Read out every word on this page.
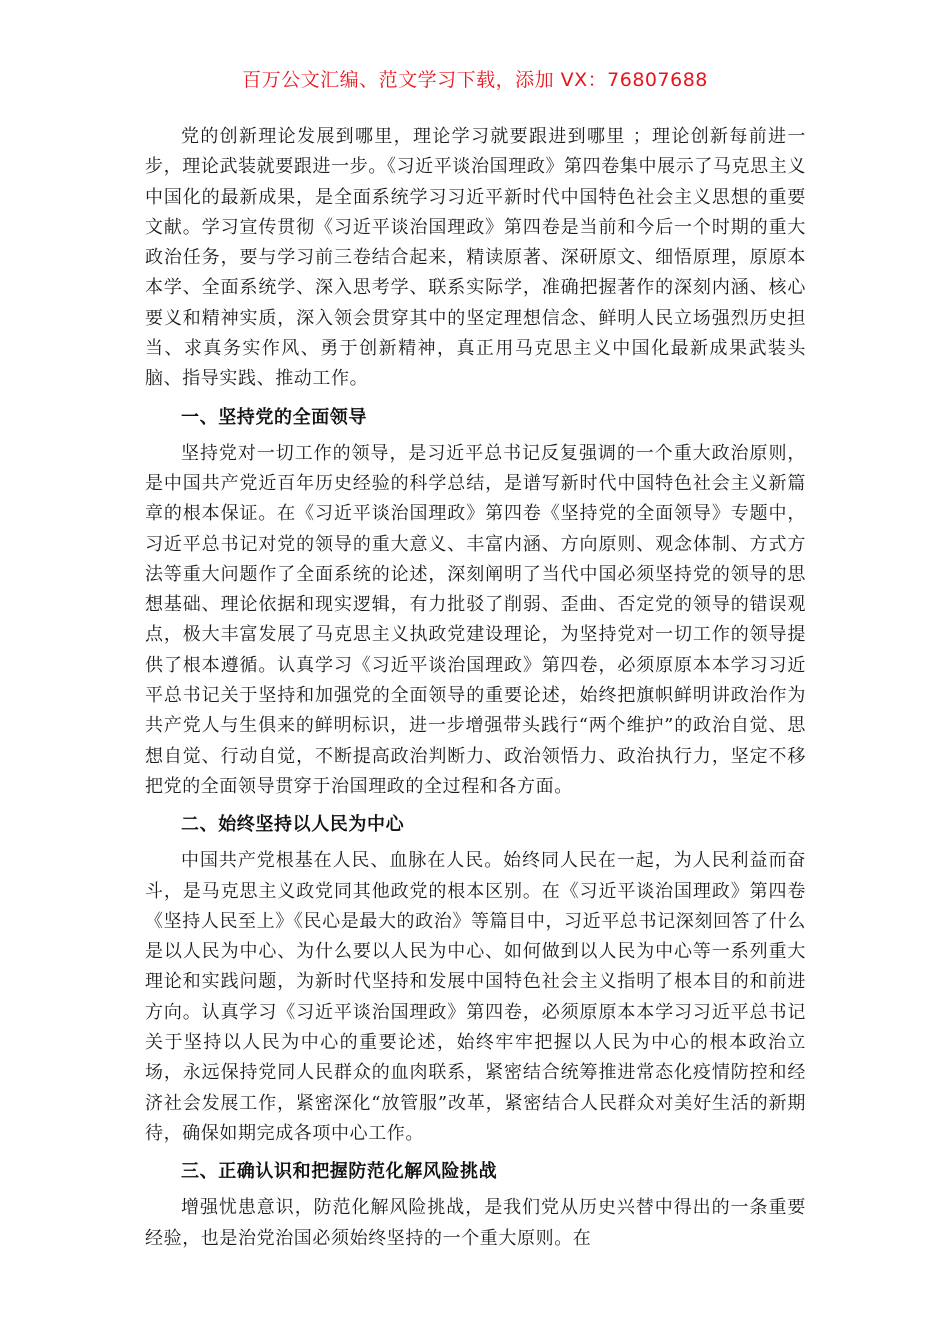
百万公文汇编、范文学习下载，添加 VX：76807688

党的创新理论发展到哪里，理论学习就要跟进到哪里 ；理论创新每前进一步，理论武装就要跟进一步。《习近平谈治国理政》第四卷集中展示了马克思主义中国化的最新成果，是全面系统学习习近平新时代中国特色社会主义思想的重要文献。学习宣传贯彻《习近平谈治国理政》第四卷是当前和今后一个时期的重大政治任务，要与学习前三卷结合起来，精读原著、深研原文、细悟原理，原原本本学、全面系统学、深入思考学、联系实际学，准确把握著作的深刻内涵、核心要义和精神实质，深入领会贯穿其中的坚定理想信念、鲜明人民立场强烈历史担当、求真务实作风、勇于创新精神，真正用马克思主义中国化最新成果武装头脑、指导实践、推动工作。

一、坚持党的全面领导

坚持党对一切工作的领导，是习近平总书记反复强调的一个重大政治原则，是中国共产党近百年历史经验的科学总结，是谱写新时代中国特色社会主义新篇章的根本保证。在《习近平谈治国理政》第四卷《坚持党的全面领导》专题中，习近平总书记对党的领导的重大意义、丰富内涵、方向原则、观念体制、方式方法等重大问题作了全面系统的论述，深刻阐明了当代中国必须坚持党的领导的思想基础、理论依据和现实逻辑，有力批驳了削弱、歪曲、否定党的领导的错误观点，极大丰富发展了马克思主义执政党建设理论，为坚持党对一切工作的领导提供了根本遵循。认真学习《习近平谈治国理政》第四卷，必须原原本本学习习近平总书记关于坚持和加强党的全面领导的重要论述，始终把旗帜鲜明讲政治作为共产党人与生俱来的鲜明标识，进一步增强带头践行“两个维护”的政治自觉、思想自觉、行动自觉，不断提高政治判断力、政治领悟力、政治执行力，坚定不移把党的全面领导贯穿于治国理政的全过程和各方面。

二、始终坚持以人民为中心

中国共产党根基在人民、血脉在人民。始终同人民在一起，为人民利益而奋斗，是马克思主义政党同其他政党的根本区别。在《习近平谈治国理政》第四卷《坚持人民至上》《民心是最大的政治》等篇目中，习近平总书记深刻回答了什么是以人民为中心、为什么要以人民为中心、如何做到以人民为中心等一系列重大理论和实践问题，为新时代坚持和发展中国特色社会主义指明了根本目的和前进方向。认真学习《习近平谈治国理政》第四卷，必须原原本本学习习近平总书记关于坚持以人民为中心的重要论述，始终牢牢把握以人民为中心的根本政治立场，永远保持党同人民群众的血肉联系，紧密结合统筹推进常态化疫情防控和经济社会发展工作，紧密深化“放管服”改革，紧密结合人民群众对美好生活的新期待，确保如期完成各项中心工作。

三、正确认识和把握防范化解风险挑战

增强忧患意识，防范化解风险挑战，是我们党从历史兴替中得出的一条重要经验，也是治党治国必须始终坚持的一个重大原则。在
